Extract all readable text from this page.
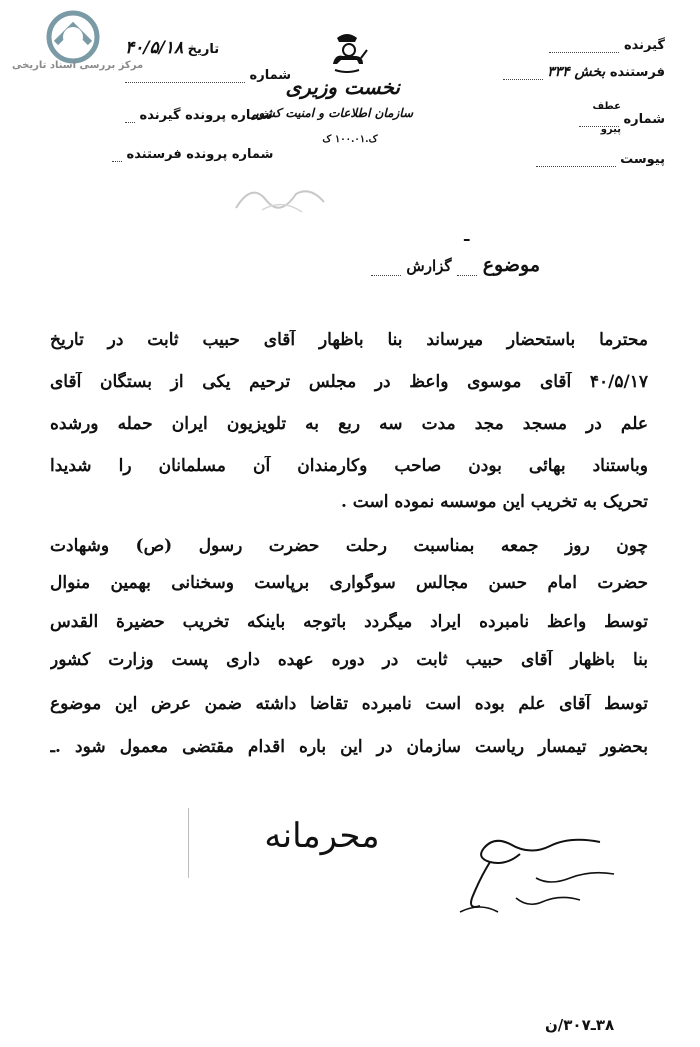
مرکز بررسی اسناد تاریخی
گیرنده
فرستنده بخش ۳۳۴
شماره
عطف
پیرو
پیوست
نخست وزیری
سازمان اطلاعات و امنیت کشور
ک.۱۰۰.۰۱ ک
تاریخ ۴۰/۵/۱۸
شماره
شماره پرونده گیرنده
شماره پرونده فرستنده
موضوع  گزارش
ـ
محترما باستحضار میرساند بنا باظهار آقای حبیب ثابت در تاریخ
۴۰/۵/۱۷ آقای موسوی واعظ در مجلس ترحیم یکی از بستگان آقای
علم در مسجد مجد مدت سه ربع به تلویزیون ایران حمله ورشده
وباستناد بهائی بودن صاحب وکارمندان آن مسلمانان را شدیدا
تحریک به تخریب این موسسه نموده است .
چون روز جمعه بمناسبت رحلت حضرت رسول (ص) وشهادت
حضرت امام حسن مجالس سوگواری برپاست وسخنانی بهمین منوال
توسط واعظ نامبرده ایراد میگردد باتوجه باینکه تخریب حضیرة القدس
بنا باظهار آقای حبیب ثابت در دوره عهده داری پست وزارت کشور
توسط آقای علم بوده است نامبرده تقاضا داشته ضمن عرض این موضوع
بحضور تیمسار ریاست سازمان در این باره اقدام مقتضی معمول شود .ـ
محرمانه
۳۸ـ۳۰۷/ن
